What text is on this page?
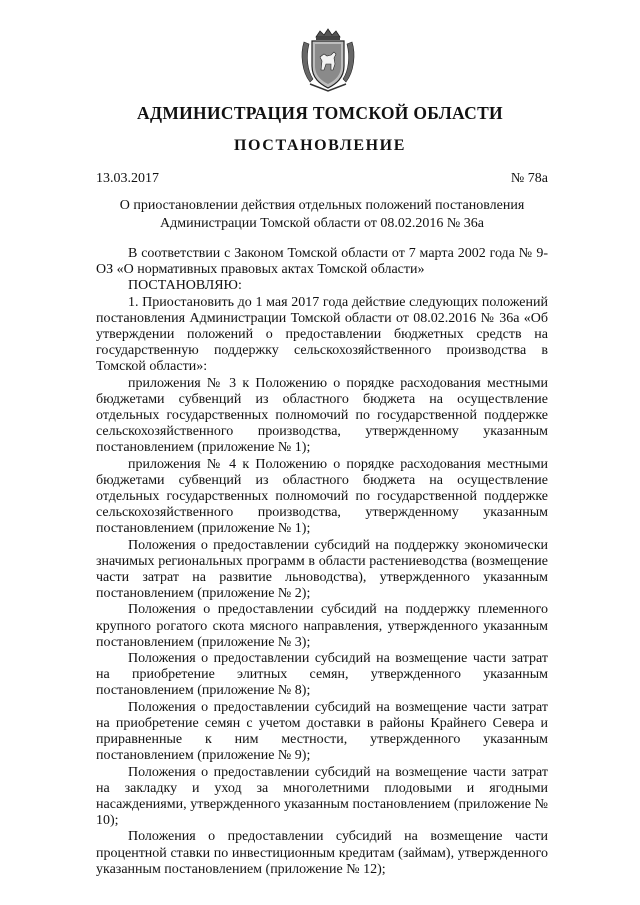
АДМИНИСТРАЦИЯ ТОМСКОЙ ОБЛАСТИ
ПОСТАНОВЛЕНИЕ
13.03.2017	№ 78а
О приостановлении действия отдельных положений постановления
Администрации Томской области от 08.02.2016 № 36а

В соответствии с Законом Томской области от 7 марта 2002 года № 9-ОЗ «О нормативных правовых актах Томской области»

ПОСТАНОВЛЯЮ:

1. Приостановить до 1 мая 2017 года действие следующих положений постановления Администрации Томской области от 08.02.2016 № 36а «Об утверждении положений о предоставлении бюджетных средств на государственную поддержку сельскохозяйственного производства в Томской области»:

приложения № 3 к Положению о порядке расходования местными бюджетами субвенций из областного бюджета на осуществление отдельных государственных полномочий по государственной поддержке сельскохозяйственного производства, утвержденному указанным постановлением (приложение № 1);

приложения № 4 к Положению о порядке расходования местными бюджетами субвенций из областного бюджета на осуществление отдельных государственных полномочий по государственной поддержке сельскохозяйственного производства, утвержденному указанным постановлением (приложение № 1);

Положения о предоставлении субсидий на поддержку экономически значимых региональных программ в области растениеводства (возмещение части затрат на развитие льноводства), утвержденного указанным постановлением (приложение № 2);

Положения о предоставлении субсидий на поддержку племенного крупного рогатого скота мясного направления, утвержденного указанным постановлением (приложение № 3);

Положения о предоставлении субсидий на возмещение части затрат на приобретение элитных семян, утвержденного указанным постановлением (приложение № 8);

Положения о предоставлении субсидий на возмещение части затрат на приобретение семян с учетом доставки в районы Крайнего Севера и приравненные к ним местности, утвержденного указанным постановлением (приложение № 9);

Положения о предоставлении субсидий на возмещение части затрат на закладку и уход за многолетними плодовыми и ягодными насаждениями, утвержденного указанным постановлением (приложение № 10);

Положения о предоставлении субсидий на возмещение части процентной ставки по инвестиционным кредитам (займам), утвержденного указанным постановлением (приложение № 12);
